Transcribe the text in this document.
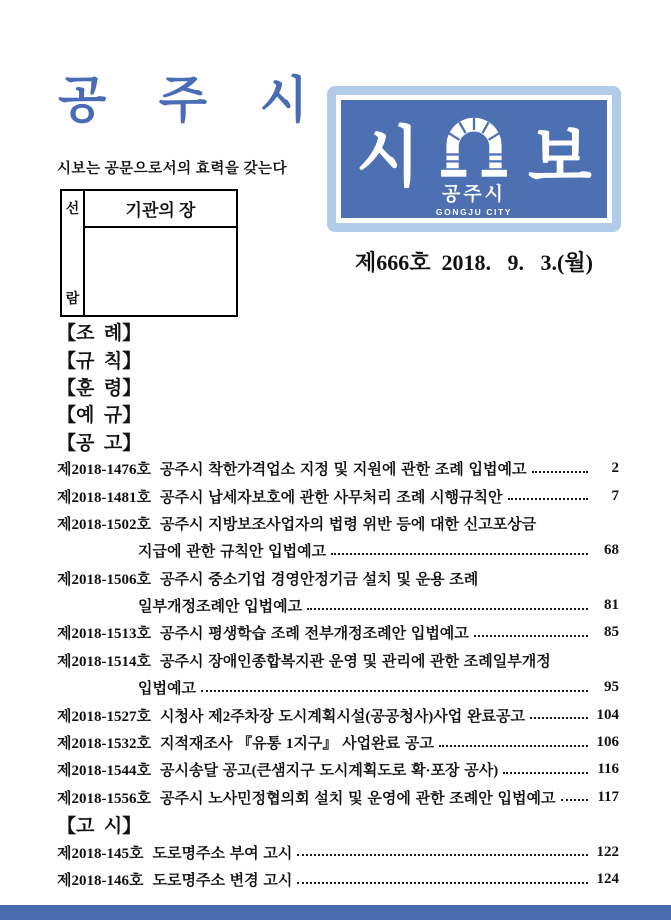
공 주 시
시보는 공문으로서의 효력을 갖는다
선
람
기관의 장
시
공주시
GONGJU CITY
보
제666호  2018.   9.   3.(월)
【조  례】
【규  칙】
【훈  령】
【예  규】
【공  고】
제2018-1476호 공주시 착한가격업소 지정 및 지원에 관한 조례 입법예고	2
제2018-1481호 공주시 납세자보호에 관한 사무처리 조례 시행규칙안	7
제2018-1502호 공주시 지방보조사업자의 법령 위반 등에 대한 신고포상금
지급에 관한 규칙안 입법예고	68
제2018-1506호 공주시 중소기업 경영안정기금 설치 및 운용 조례
일부개정조례안 입법예고	81
제2018-1513호 공주시 평생학습 조례 전부개정조례안 입법예고	85
제2018-1514호 공주시 장애인종합복지관 운영 및 관리에 관한 조례일부개정
입법예고	95
제2018-1527호 시청사 제2주차장 도시계획시설(공공청사)사업 완료공고	104
제2018-1532호 지적재조사 『유통 1지구』 사업완료 공고	106
제2018-1544호 공시송달 공고(큰샘지구 도시계획도로 확·포장 공사)	116
제2018-1556호 공주시 노사민정협의회 설치 및 운영에 관한 조례안 입법예고	117
【고  시】
제2018-145호 도로명주소 부여 고시	122
제2018-146호 도로명주소 변경 고시	124
